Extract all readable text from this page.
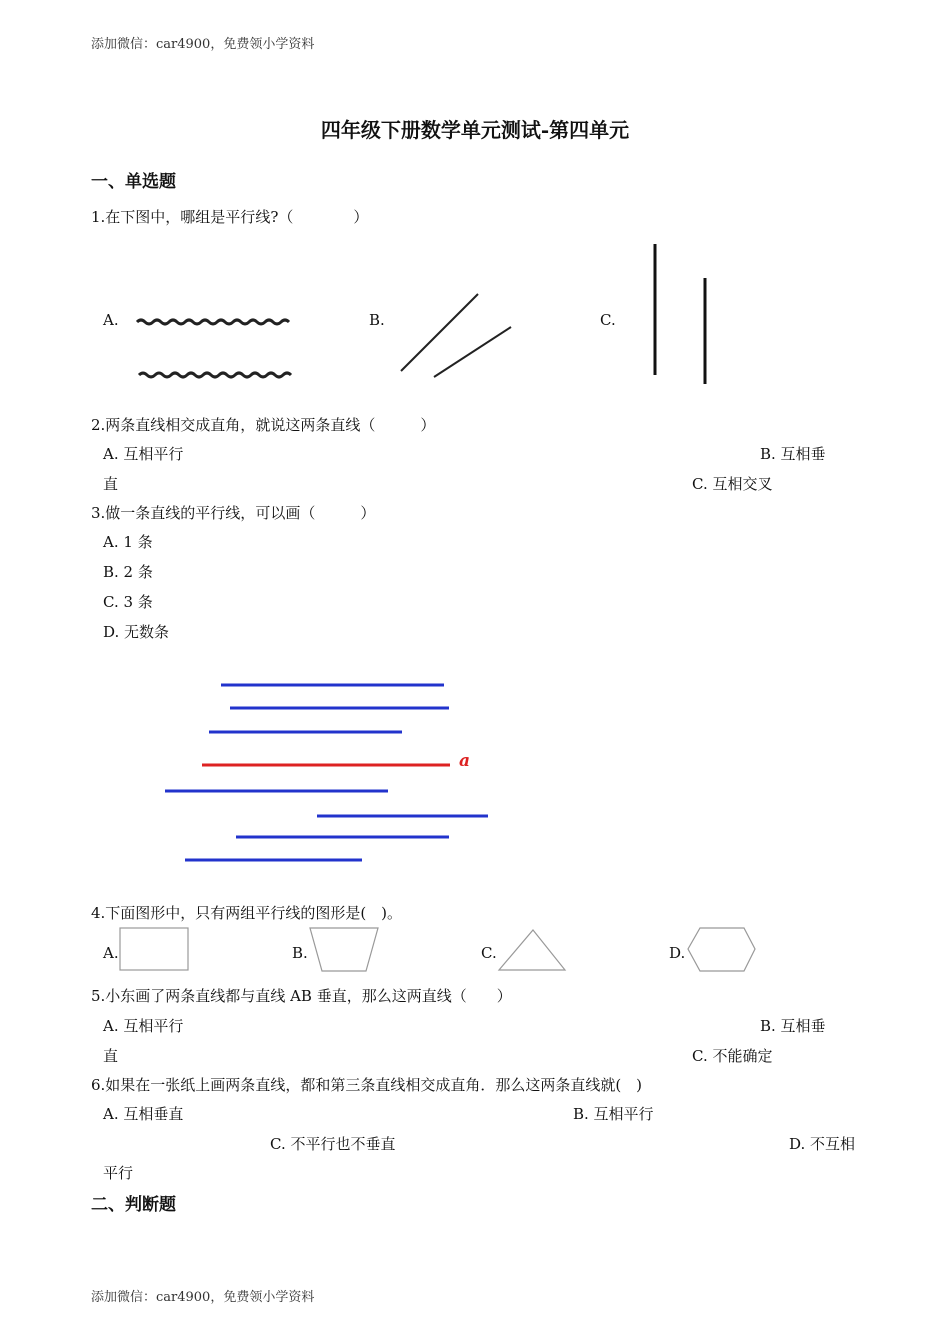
添加微信：car4900，免费领小学资料
四年级下册数学单元测试-第四单元
一、单选题
1.在下图中，哪组是平行线?（　　　　）
A.	B.	C.
2.两条直线相交成直角，就说这两条直线（　　　）
A. 互相平行	B. 互相垂
直	C. 互相交叉
3.做一条直线的平行线，可以画（　　　）
A. 1 条
B. 2 条
C. 3 条
D. 无数条
a
4.下面图形中，只有两组平行线的图形是(　)。
A.	B.	C.	D.
5.小东画了两条直线都与直线 AB 垂直，那么这两直线（　　）
A. 互相平行	B. 互相垂
直	C. 不能确定
6.如果在一张纸上画两条直线，都和第三条直线相交成直角．那么这两条直线就(　)
A. 互相垂直	B. 互相平行
C. 不平行也不垂直	D. 不互相
平行
二、判断题
添加微信：car4900，免费领小学资料
